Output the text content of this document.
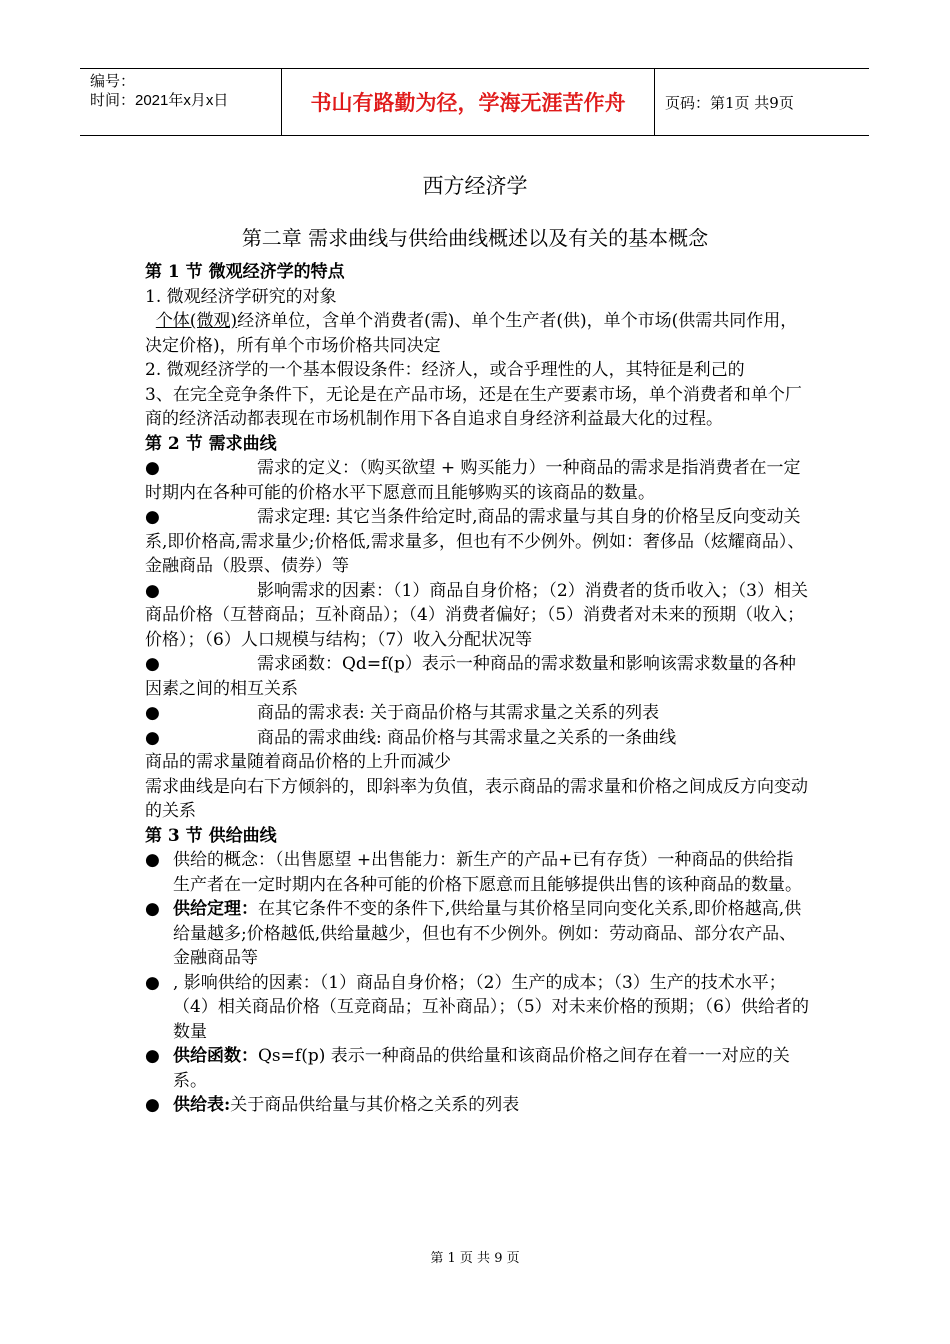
编号：
时间：2021年x月x日	书山有路勤为径，学海无涯苦作舟	页码：第1页 共9页
西方经济学
第二章 需求曲线与供给曲线概述以及有关的基本概念

第 1 节 微观经济学的特点

1. 微观经济学研究的对象

个体(微观)经济单位，含单个消费者(需)、单个生产者(供)，单个市场(供需共同作用，决定价格)，所有单个市场价格共同决定

2. 微观经济学的一个基本假设条件：经济人，或合乎理性的人，其特征是利己的

3、在完全竞争条件下，无论是在产品市场，还是在生产要素市场，单个消费者和单个厂商的经济活动都表现在市场机制作用下各自追求自身经济利益最大化的过程。

第 2 节 需求曲线

●	需求的定义：（购买欲望 + 购买能力）一种商品的需求是指消费者在一定时期内在各种可能的价格水平下愿意而且能够购买的该商品的数量。

●	需求定理: 其它当条件给定时,商品的需求量与其自身的价格呈反向变动关系,即价格高,需求量少;价格低,需求量多，但也有不少例外。例如：奢侈品（炫耀商品）、金融商品（股票、债券）等

●	影响需求的因素：（1）商品自身价格；（2）消费者的货币收入；（3）相关商品价格（互替商品；互补商品）；（4）消费者偏好；（5）消费者对未来的预期（收入；价格）；（6）人口规模与结构；（7）收入分配状况等

●	需求函数：Qd=f(p）表示一种商品的需求数量和影响该需求数量的各种因素之间的相互关系

●	商品的需求表: 关于商品价格与其需求量之关系的列表

●	商品的需求曲线: 商品价格与其需求量之关系的一条曲线

商品的需求量随着商品价格的上升而减少

需求曲线是向右下方倾斜的，即斜率为负值，表示商品的需求量和价格之间成反方向变动的关系

第 3 节 供给曲线

● 供给的概念：（出售愿望 +出售能力：新生产的产品+已有存货）一种商品的供给指生产者在一定时期内在各种可能的价格下愿意而且能够提供出售的该种商品的数量。

● 供给定理：在其它条件不变的条件下,供给量与其价格呈同向变化关系,即价格越高,供给量越多;价格越低,供给量越少，但也有不少例外。例如：劳动商品、部分农产品、金融商品等

● , 影响供给的因素：（1）商品自身价格；（2）生产的成本；（3）生产的技术水平； （4）相关商品价格（互竞商品；互补商品）；（5）对未来价格的预期；（6）供给者的数量

● 供给函数：Qs=f(p) 表示一种商品的供给量和该商品价格之间存在着一一对应的关系。

● 供给表:关于商品供给量与其价格之关系的列表

第 1 页 共 9 页
